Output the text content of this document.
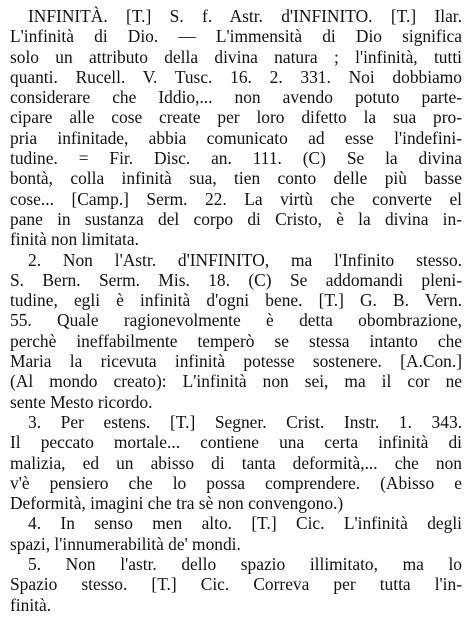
INFINITÀ. [T.] S. f. Astr. d'INFINITO. [T.] Ilar.
L'infinità di Dio. — L'immensità di Dio significa
solo un attributo della divina natura ; l'infinità, tutti
quanti. Rucell. V. Tusc. 16. 2. 331. Noi dobbiamo
considerare che Iddio,... non avendo potuto parte-
cipare alle cose create per loro difetto la sua pro-
pria infinitade, abbia comunicato ad esse l'indefini-
tudine. = Fir. Disc. an. 111. (C) Se la divina
bontà, colla infinità sua, tien conto delle più basse
cose... [Camp.] Serm. 22. La virtù che converte el
pane in sustanza del corpo di Cristo, è la divina in-
finità non limitata.
2. Non l'Astr. d'INFINITO, ma l'Infinito stesso.
S. Bern. Serm. Mis. 18. (C) Se addomandi pleni-
tudine, egli è infinità d'ogni bene. [T.] G. B. Vern.
55. Quale ragionevolmente è detta obombrazione,
perchè ineffabilmente temperò se stessa intanto che
Maria la ricevuta infinità potesse sostenere. [A.Con.]
(Al mondo creato): L'infinità non sei, ma il cor ne
sente Mesto ricordo.
3. Per estens. [T.] Segner. Crist. Instr. 1. 343.
Il peccato mortale... contiene una certa infinità di
malizia, ed un abisso di tanta deformità,... che non
v'è pensiero che lo possa comprendere. (Abisso e
Deformità, imagini che tra sè non convengono.)
4. In senso men alto. [T.] Cic. L'infinità degli
spazi, l'innumerabilità de' mondi.
5. Non l'astr. dello spazio illimitato, ma lo
Spazio stesso. [T.] Cic. Correva per tutta l'in-
finità.
